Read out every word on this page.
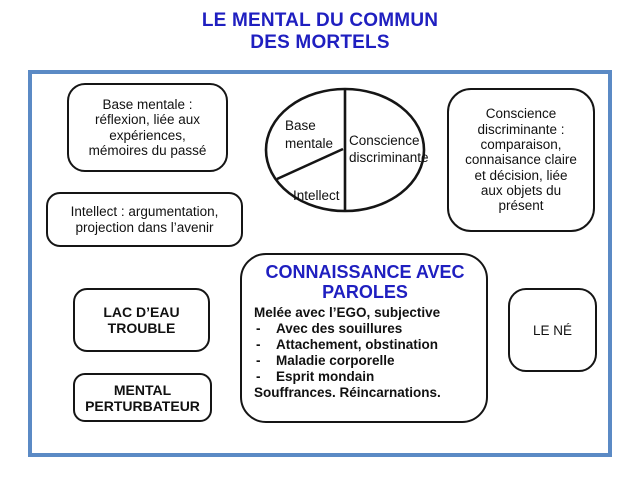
LE MENTAL DU COMMUN
DES MORTELS
Base mentale :
réflexion, liée aux
expériences,
mémoires du passé
Conscience
discriminante :
comparaison,
connaisance claire
et décision, liée
aux objets du
présent
Intellect : argumentation,
projection dans l’avenir
Base
mentale Conscience
discriminante
Intellect
CONNAISSANCE AVEC
PAROLES
Melée avec l’EGO, subjective
-	Avec des souillures
-	Attachement, obstination
-	Maladie corporelle
-	Esprit mondain
Souffrances. Réincarnations.
LAC D’EAU
TROUBLE
MENTAL
PERTURBATEUR
LE NÉ
